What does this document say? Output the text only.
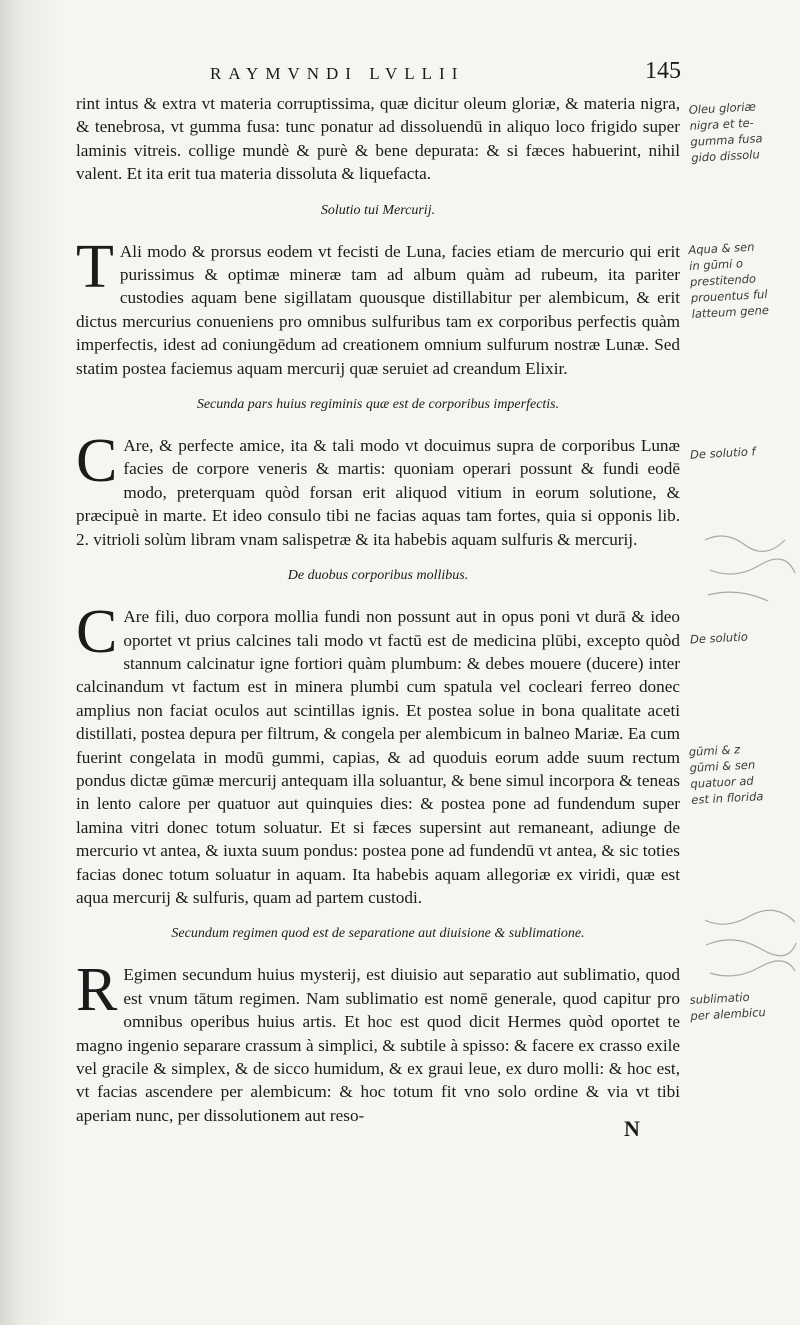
RAYMVNDI LVLLII	145

rint intus & extra vt materia corruptissima, quæ dicitur oleum gloriæ, & materia nigra, & tenebrosa, vt gumma fusa: tunc ponatur ad dissoluendū in aliquo loco frigido super laminis vitreis. collige mundè & purè & bene depurata: & si fæces habuerint, nihil valent. Et ita erit tua materia dissoluta & liquefacta.

Solutio tui Mercurij.

T Ali modo & prorsus eodem vt fecisti de Luna, facies etiam de mercurio qui erit purissimus & optimæ mineræ tam ad album quàm ad rubeum, ita pariter custodies aquam bene sigillatam quousque distillabitur per alembicum, & erit dictus mercurius conueniens pro omnibus sulfuribus tam ex corporibus perfectis quàm imperfectis, idest ad coniungēdum ad creationem omnium sulfurum nostræ Lunæ. Sed statim postea faciemus aquam mercurij quæ seruiet ad creandum Elixir.

Secunda pars huius regiminis quæ est de corporibus imperfectis.

C Are, & perfecte amice, ita & tali modo vt docuimus supra de corporibus Lunæ facies de corpore veneris & martis: quoniam operari possunt & fundi eodē modo, preterquam quòd forsan erit aliquod vitium in eorum solutione, & præcipuè in marte. Et ideo consulo tibi ne facias aquas tam fortes, quia si opponis lib. 2. vitrioli solùm libram vnam salispetræ & ita habebis aquam sulfuris & mercurij.

De duobus corporibus mollibus.

C Are fili, duo corpora mollia fundi non possunt aut in opus poni vt durā & ideo oportet vt prius calcines tali modo vt factū est de medicina plūbi, excepto quòd stannum calcinatur igne fortiori quàm plumbum: & debes mouere (ducere) inter calcinandum vt factum est in minera plumbi cum spatula vel cocleari ferreo donec amplius non faciat oculos aut scintillas ignis. Et postea solue in bona qualitate aceti distillati, postea depura per filtrum, & congela per alembicum in balneo Mariæ. Ea cum fuerint congelata in modū gummi, capias, & ad quoduis eorum adde suum rectum pondus dictæ gūmæ mercurij antequam illa soluantur, & bene simul incorpora & teneas in lento calore per quatuor aut quinquies dies: & postea pone ad fundendum super lamina vitri donec totum soluatur. Et si fæces supersint aut remaneant, adiunge de mercurio vt antea, & iuxta suum pondus: postea pone ad fundendū vt antea, & sic toties facias donec totum soluatur in aquam. Ita habebis aquam allegoriæ ex viridi, quæ est aqua mercurij & sulfuris, quam ad partem custodi.

Secundum regimen quod est de separatione aut diuisione & sublimatione.

R Egimen secundum huius mysterij, est diuisio aut separatio aut sublimatio, quod est vnum tātum regimen. Nam sublimatio est nomē generale, quod capitur pro omnibus operibus huius artis. Et hoc est quod dicit Hermes quòd oportet te magno ingenio separare crassum à simplici, & subtile à spisso: & facere ex crasso exile vel gracile & simplex, & de sicco humidum, & ex graui leue, ex duro molli: & hoc est, vt facias ascendere per alembicum: & hoc totum fit vno solo ordine & via vt tibi aperiam nunc, per dissolutionem aut reso-

N
Oleu gloriæ
nigra et te-
gumma fusa
gido dissolu
Aqua & sen
in gūmi o
prestitendo
prouentus ful
latteum gene
De solutio f
De solutio
gūmi & z
gūmi & sen
quatuor ad
est in florida
sublimatio
per alembicu
